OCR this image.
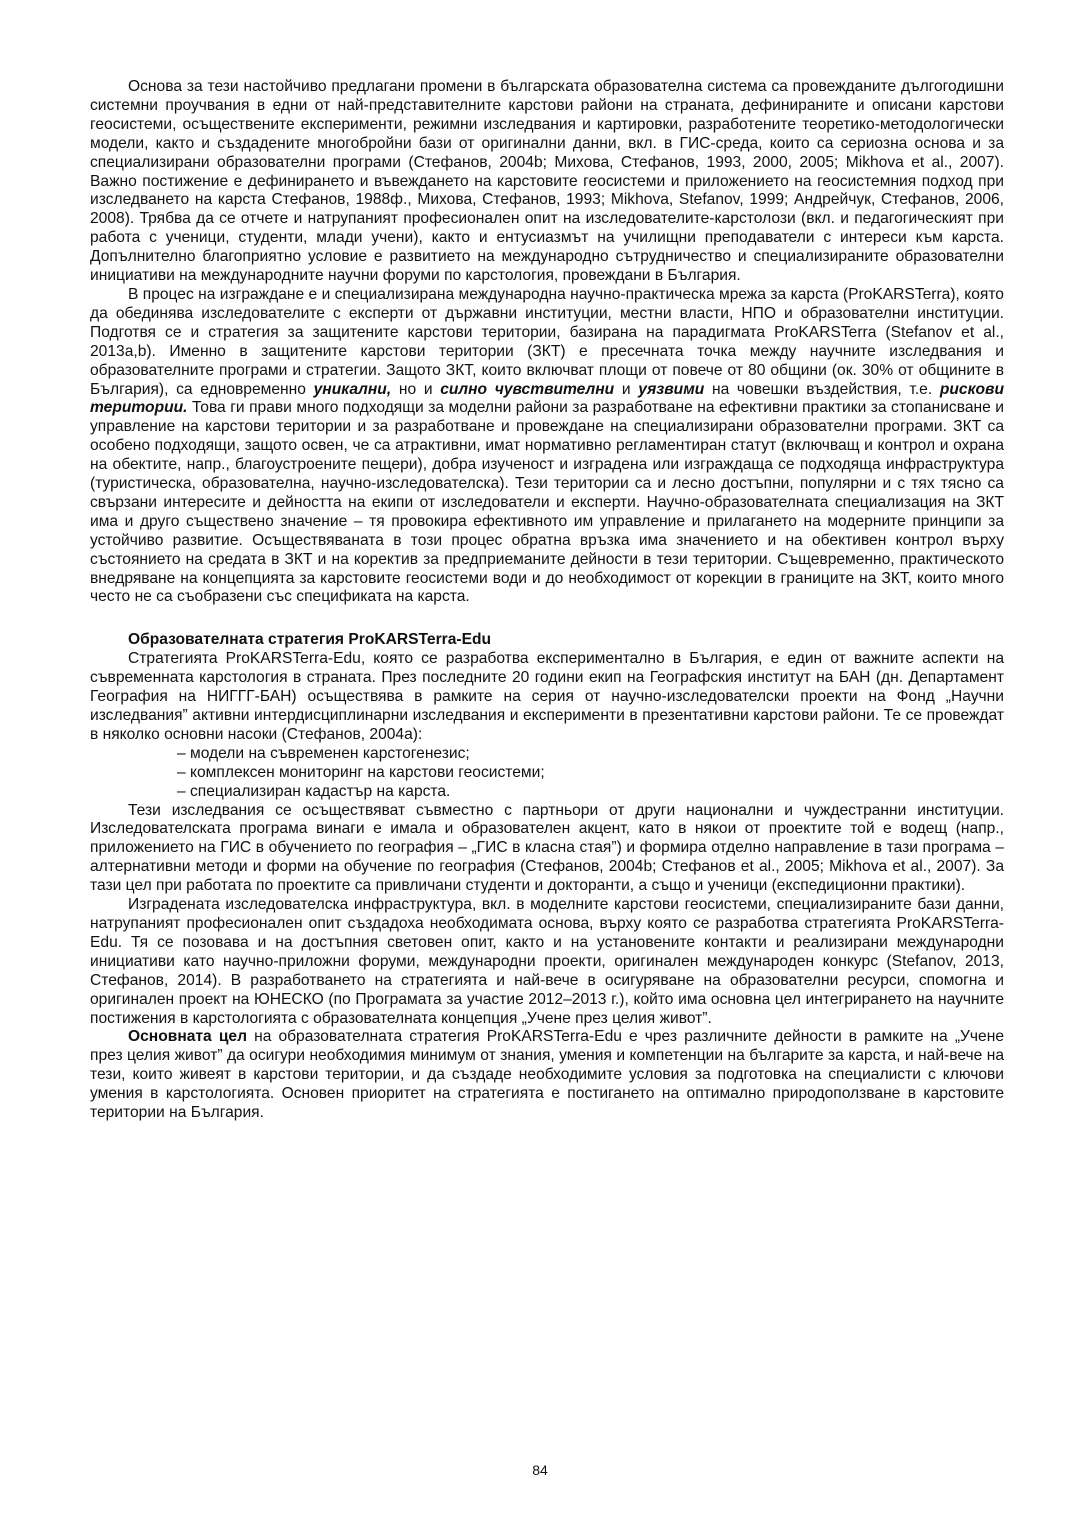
Основа за тези настойчиво предлагани промени в българската образователна система са провежданите дългогодишни системни проучвания в едни от най-представителните карстови райони на страната, дефинираните и описани карстови геосистеми, осъществените експерименти, режимни изследвания и картировки, разработените теоретико-методологически модели, както и създадените многобройни бази от оригинални данни, вкл. в ГИС-среда, които са сериозна основа и за специализирани образователни програми (Стефанов, 2004b; Михова, Стефанов, 1993, 2000, 2005; Mikhova et al., 2007). Важно постижение е дефинирането и въвеждането на карстовите геосистеми и приложението на геосистемния подход при изследването на карста Стефанов, 1988ф., Михова, Стефанов, 1993; Mikhova, Stefanov, 1999; Андрейчук, Стефанов, 2006, 2008). Трябва да се отчете и натрупаният професионален опит на изследователите-карстолози (вкл. и педагогическият при работа с ученици, студенти, млади учени), както и ентусиазмът на училищни преподаватели с интереси към карста. Допълнително благоприятно условие е развитието на международно сътрудничество и специализираните образователни инициативи на международните научни форуми по карстология, провеждани в България.

В процес на изграждане е и специализирана международна научно-практическа мрежа за карста (ProKARSTerra), която да обединява изследователите с експерти от държавни институции, местни власти, НПО и образователни институции. Подготвя се и стратегия за защитените карстови територии, базирана на парадигмата ProKARSTerra (Stefanov et al., 2013a,b). Именно в защитените карстови територии (ЗКТ) е пресечната точка между научните изследвания и образователните програми и стратегии. Защото ЗКТ, които включват площи от повече от 80 общини (ок. 30% от общините в България), са едновременно уникални, но и силно чувствителни и уязвими на човешки въздействия, т.е. рискови територии. Това ги прави много подходящи за моделни райони за разработване на ефективни практики за стопанисване и управление на карстови територии и за разработване и провеждане на специализирани образователни програми. ЗКТ са особено подходящи, защото освен, че са атрактивни, имат нормативно регламентиран статут (включващ и контрол и охрана на обектите, напр., благоустроените пещери), добра изученост и изградена или изграждаща се подходяща инфраструктура (туристическа, образователна, научно-изследователска). Тези територии са и лесно достъпни, популярни и с тях тясно са свързани интересите и дейността на екипи от изследователи и експерти. Научно-образователната специализация на ЗКТ има и друго съществено значение – тя провокира ефективното им управление и прилагането на модерните принципи за устойчиво развитие. Осъществяваната в този процес обратна връзка има значението и на обективен контрол върху състоянието на средата в ЗКТ и на коректив за предприеманите дейности в тези територии. Същевременно, практическото внедряване на концепцията за карстовите геосистеми води и до необходимост от корекции в границите на ЗКТ, които много често не са съобразени със спецификата на карста.

Образователната стратегия ProKARSTerra-Edu

Стратегията ProKARSTerra-Edu, която се разработва експериментално в България, е един от важните аспекти на съвременната карстология в страната. През последните 20 години екип на Географския институт на БАН (дн. Департамент География на НИГГГ-БАН) осъществява в рамките на серия от научно-изследователски проекти на Фонд „Научни изследвания” активни интердисциплинарни изследвания и експерименти в презентативни карстови райони. Те се провеждат в няколко основни насоки (Стефанов, 2004a):

– модели на съвременен карстогенезис;
– комплексен мониторинг на карстови геосистеми;
– специализиран кадастър на карста.

Тези изследвания се осъществяват съвместно с партньори от други национални и чуждестранни институции. Изследователската програма винаги е имала и образователен акцент, като в някои от проектите той е водещ (напр., приложението на ГИС в обучението по география – „ГИС в класна стая”) и формира отделно направление в тази програма – алтернативни методи и форми на обучение по география (Стефанов, 2004b; Стефанов et al., 2005; Mikhova et al., 2007). За тази цел при работата по проектите са привличани студенти и докторанти, а също и ученици (експедиционни практики).

Изградената изследователска инфраструктура, вкл. в моделните карстови геосистеми, специализираните бази данни, натрупаният професионален опит създадоха необходимата основа, върху която се разработва стратегията ProKARSTerra-Edu. Тя се позовава и на достъпния световен опит, както и на установените контакти и реализирани международни инициативи като научно-приложни форуми, международни проекти, оригинален международен конкурс (Stefanov, 2013, Стефанов, 2014). В разработването на стратегията и най-вече в осигуряване на образователни ресурси, спомогна и оригинален проект на ЮНЕСКО (по Програмата за участие 2012–2013 г.), който има основна цел интегрирането на научните постижения в карстологията с образователната концепция „Учене през целия живот”.

Основната цел на образователната стратегия ProKARSTerra-Edu е чрез различните дейности в рамките на „Учене през целия живот” да осигури необходимия минимум от знания, умения и компетенции на българите за карста, и най-вече на тези, които живеят в карстови територии, и да създаде необходимите условия за подготовка на специалисти с ключови умения в карстологията. Основен приоритет на стратегията е постигането на оптимално природоползване в карстовите територии на България.

84
